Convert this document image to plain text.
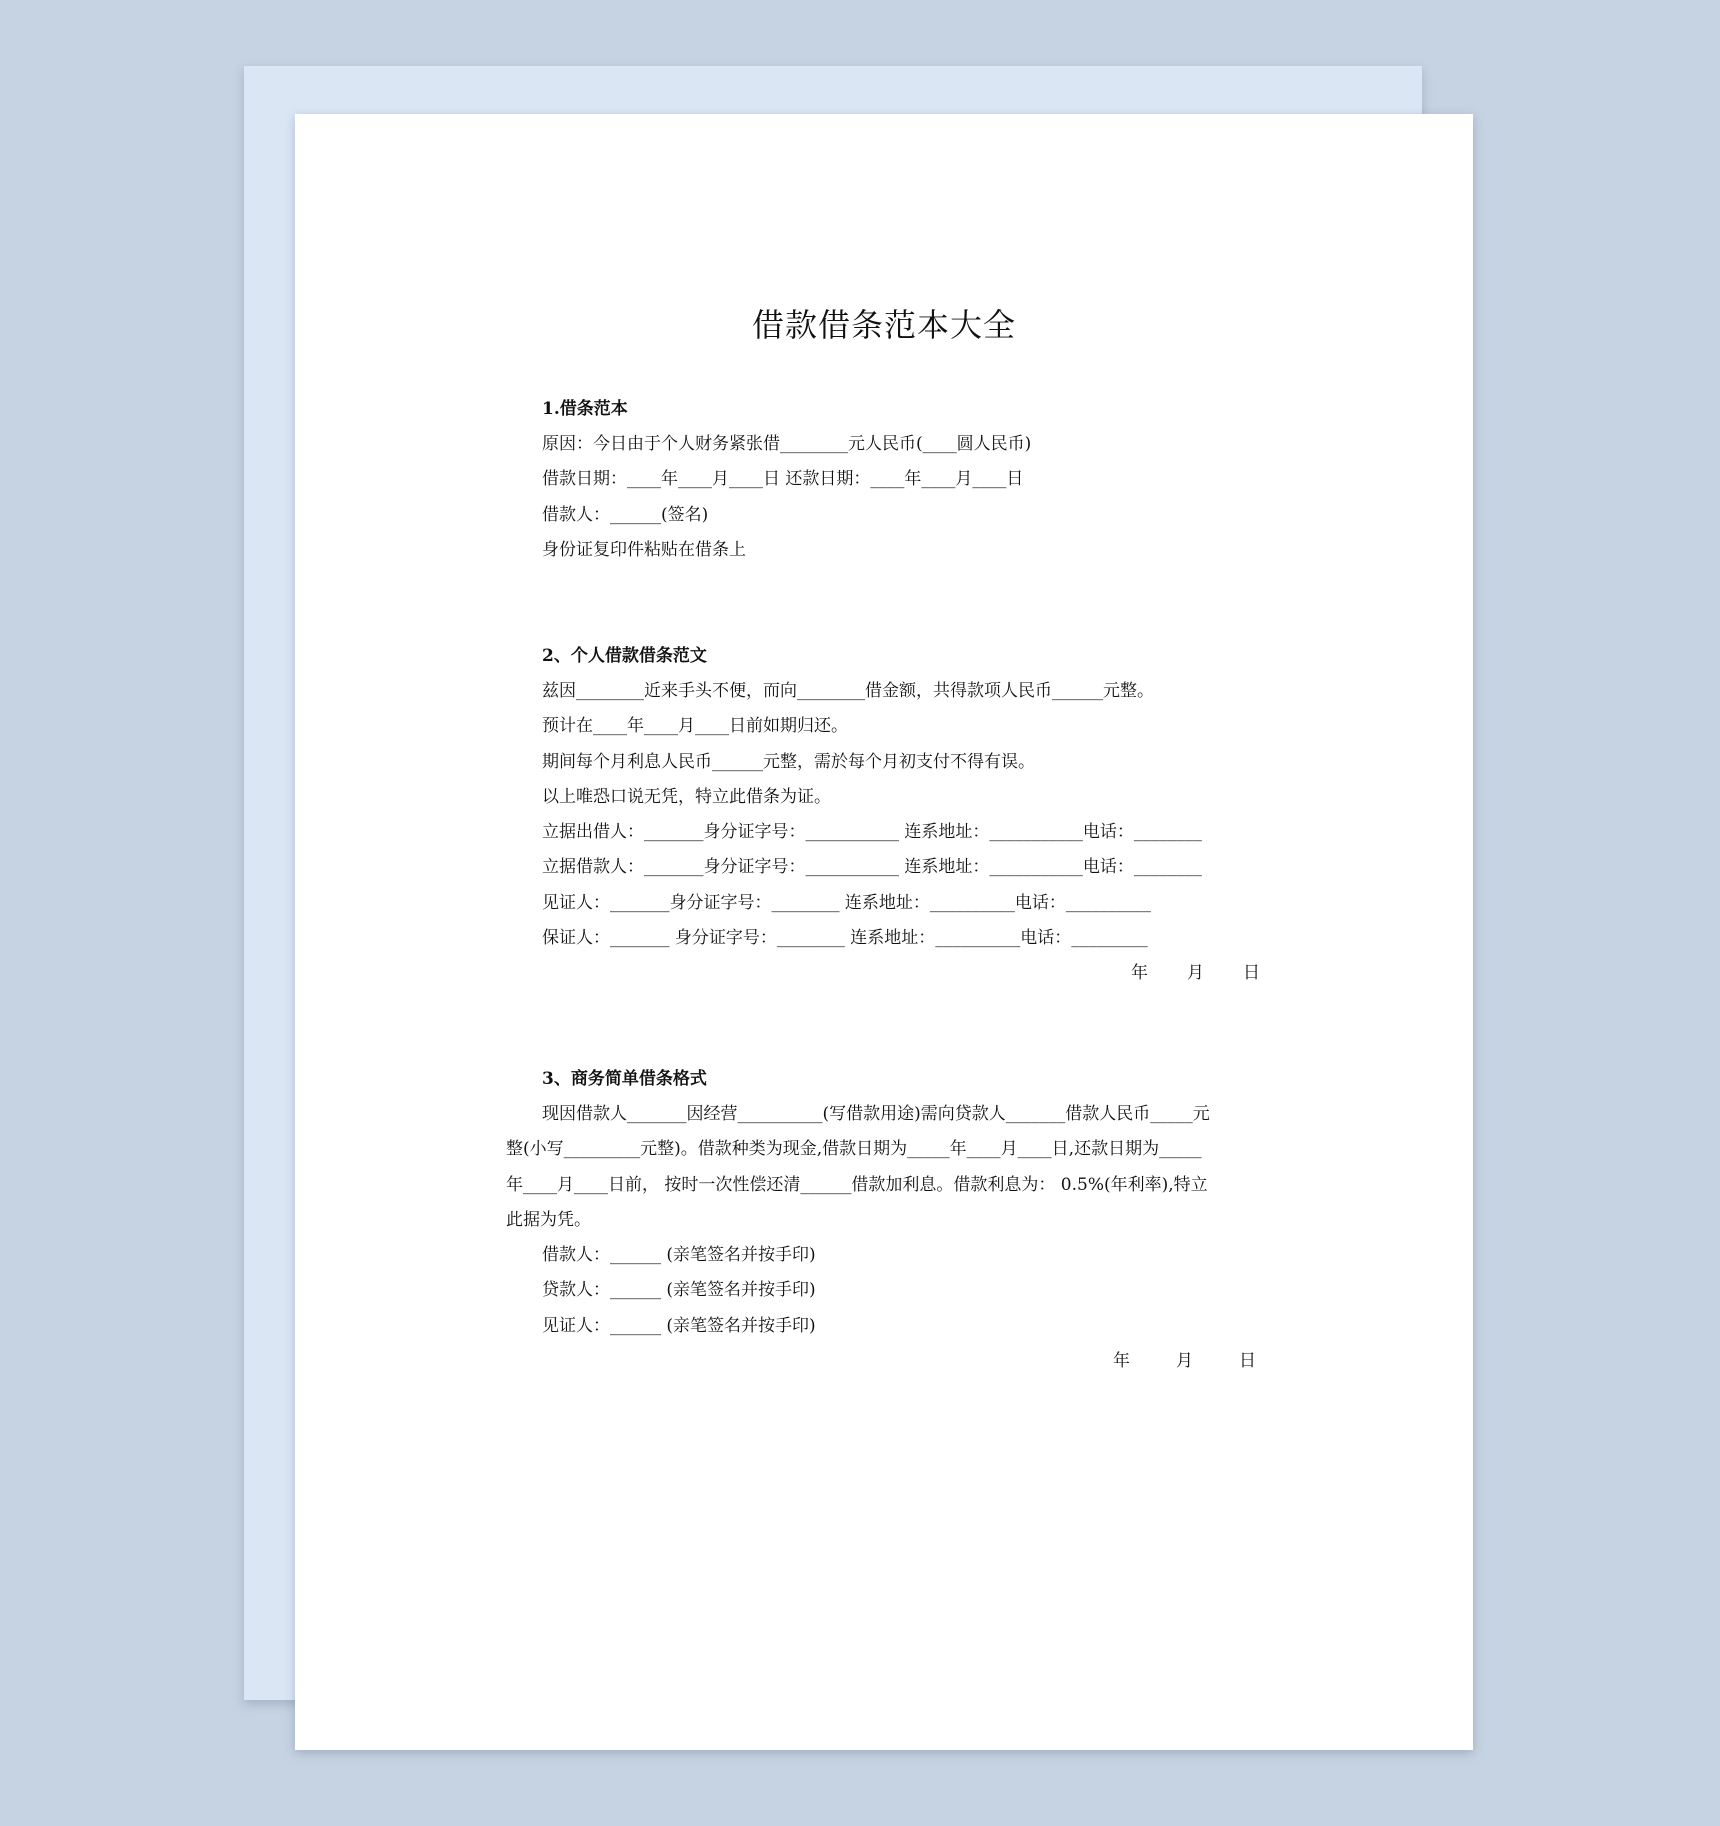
借款借条范本大全
1.借条范本
原因：今日由于个人财务紧张借________元人民币(____圆人民币)
借款日期：____年____月____日 还款日期：____年____月____日
借款人：______(签名)
身份证复印件粘贴在借条上
2、个人借款借条范文
兹因________近来手头不便，而向________借金额，共得款项人民币______元整。
预计在____年____月____日前如期归还。
期间每个月利息人民币______元整，需於每个月初支付不得有误。
以上唯恐口说无凭，特立此借条为证。
立据出借人：_______身分证字号：___________ 连系地址：___________电话：________
立据借款人：_______身分证字号：___________ 连系地址：___________电话：________
见证人：_______身分证字号：________ 连系地址：__________电话：__________
保证人：_______ 身分证字号：________ 连系地址：__________电话：_________

年

月

日

3、商务简单借条格式
现因借款人_______因经营__________(写借款用途)需向贷款人_______借款人民币_____元
整(小写_________元整)。借款种类为现金,借款日期为_____年____月____日,还款日期为_____
年____月____日前， 按时一次性偿还清______借款加利息。借款利息为： 0.5%(年利率),特立
此据为凭。
借款人：______ (亲笔签名并按手印)
贷款人：______ (亲笔签名并按手印)
见证人：______ (亲笔签名并按手印)

年

	月

	日
